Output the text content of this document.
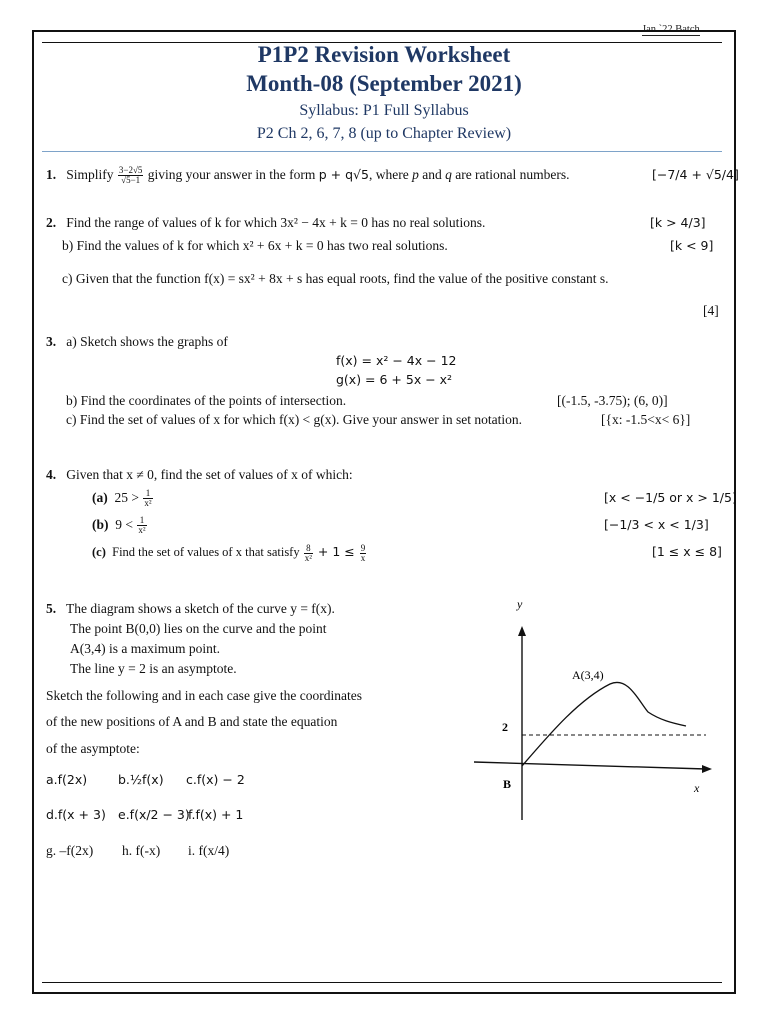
Jan `22 Batch
P1P2 Revision Worksheet
Month-08 (September 2021)
Syllabus: P1 Full Syllabus
P2 Ch 2, 6, 7, 8 (up to Chapter Review)
1. Simplify $\frac{3-2√5}{√5-1}$ giving your answer in the form p + q√5, where p and q are rational numbers.	[−7/4 + √5/4]
2. Find the range of values of k for which 3x² − 4x + k = 0 has no real solutions.	[k > 4/3]
b) Find the values of k for which x² + 6x + k = 0 has two real solutions.	[k < 9]
c) Given that the function f(x) = sx² + 8x + s has equal roots, find the value of the positive constant s.
[4]
3. a) Sketch shows the graphs of
f(x) = x² − 4x − 12
g(x) = 6 + 5x − x²
b) Find the coordinates of the points of intersection.	[(-1.5, -3.75); (6, 0)]
c) Find the set of values of x for which f(x) < g(x). Give your answer in set notation.	[{x: -1.5<x< 6}]
4. Given that x ≠ 0, find the set of values of x of which:
(a) $25 > \frac{1}{\text{x²}}$	[x < −1/5 or x > 1/5]
(b) $9 < \frac{1}{\text{x²}}$	[−1/3 < x < 1/3]
(c) Find the set of values of x that satisfy $\frac{8}{\text{x²}} + 1 \le \frac{9}{x}$	[1 ≤ x ≤ 8]
5. The diagram shows a sketch of the curve y = f(x).
The point B(0,0) lies on the curve and the point
A(3,4) is a maximum point.
The line y = 2 is an asymptote.
Sketch the following and in each case give the coordinates
of the new positions of A and B and state the equation
of the asymptote:
a.f(2x) b.½f(x) c.f(x) − 2
d.f(x + 3) e.f(x/2 − 3)
f.f(x) + 1
g. –f(2x) h. f(-x) i. f(x/4)
y
x
A(3,4)
2
B
